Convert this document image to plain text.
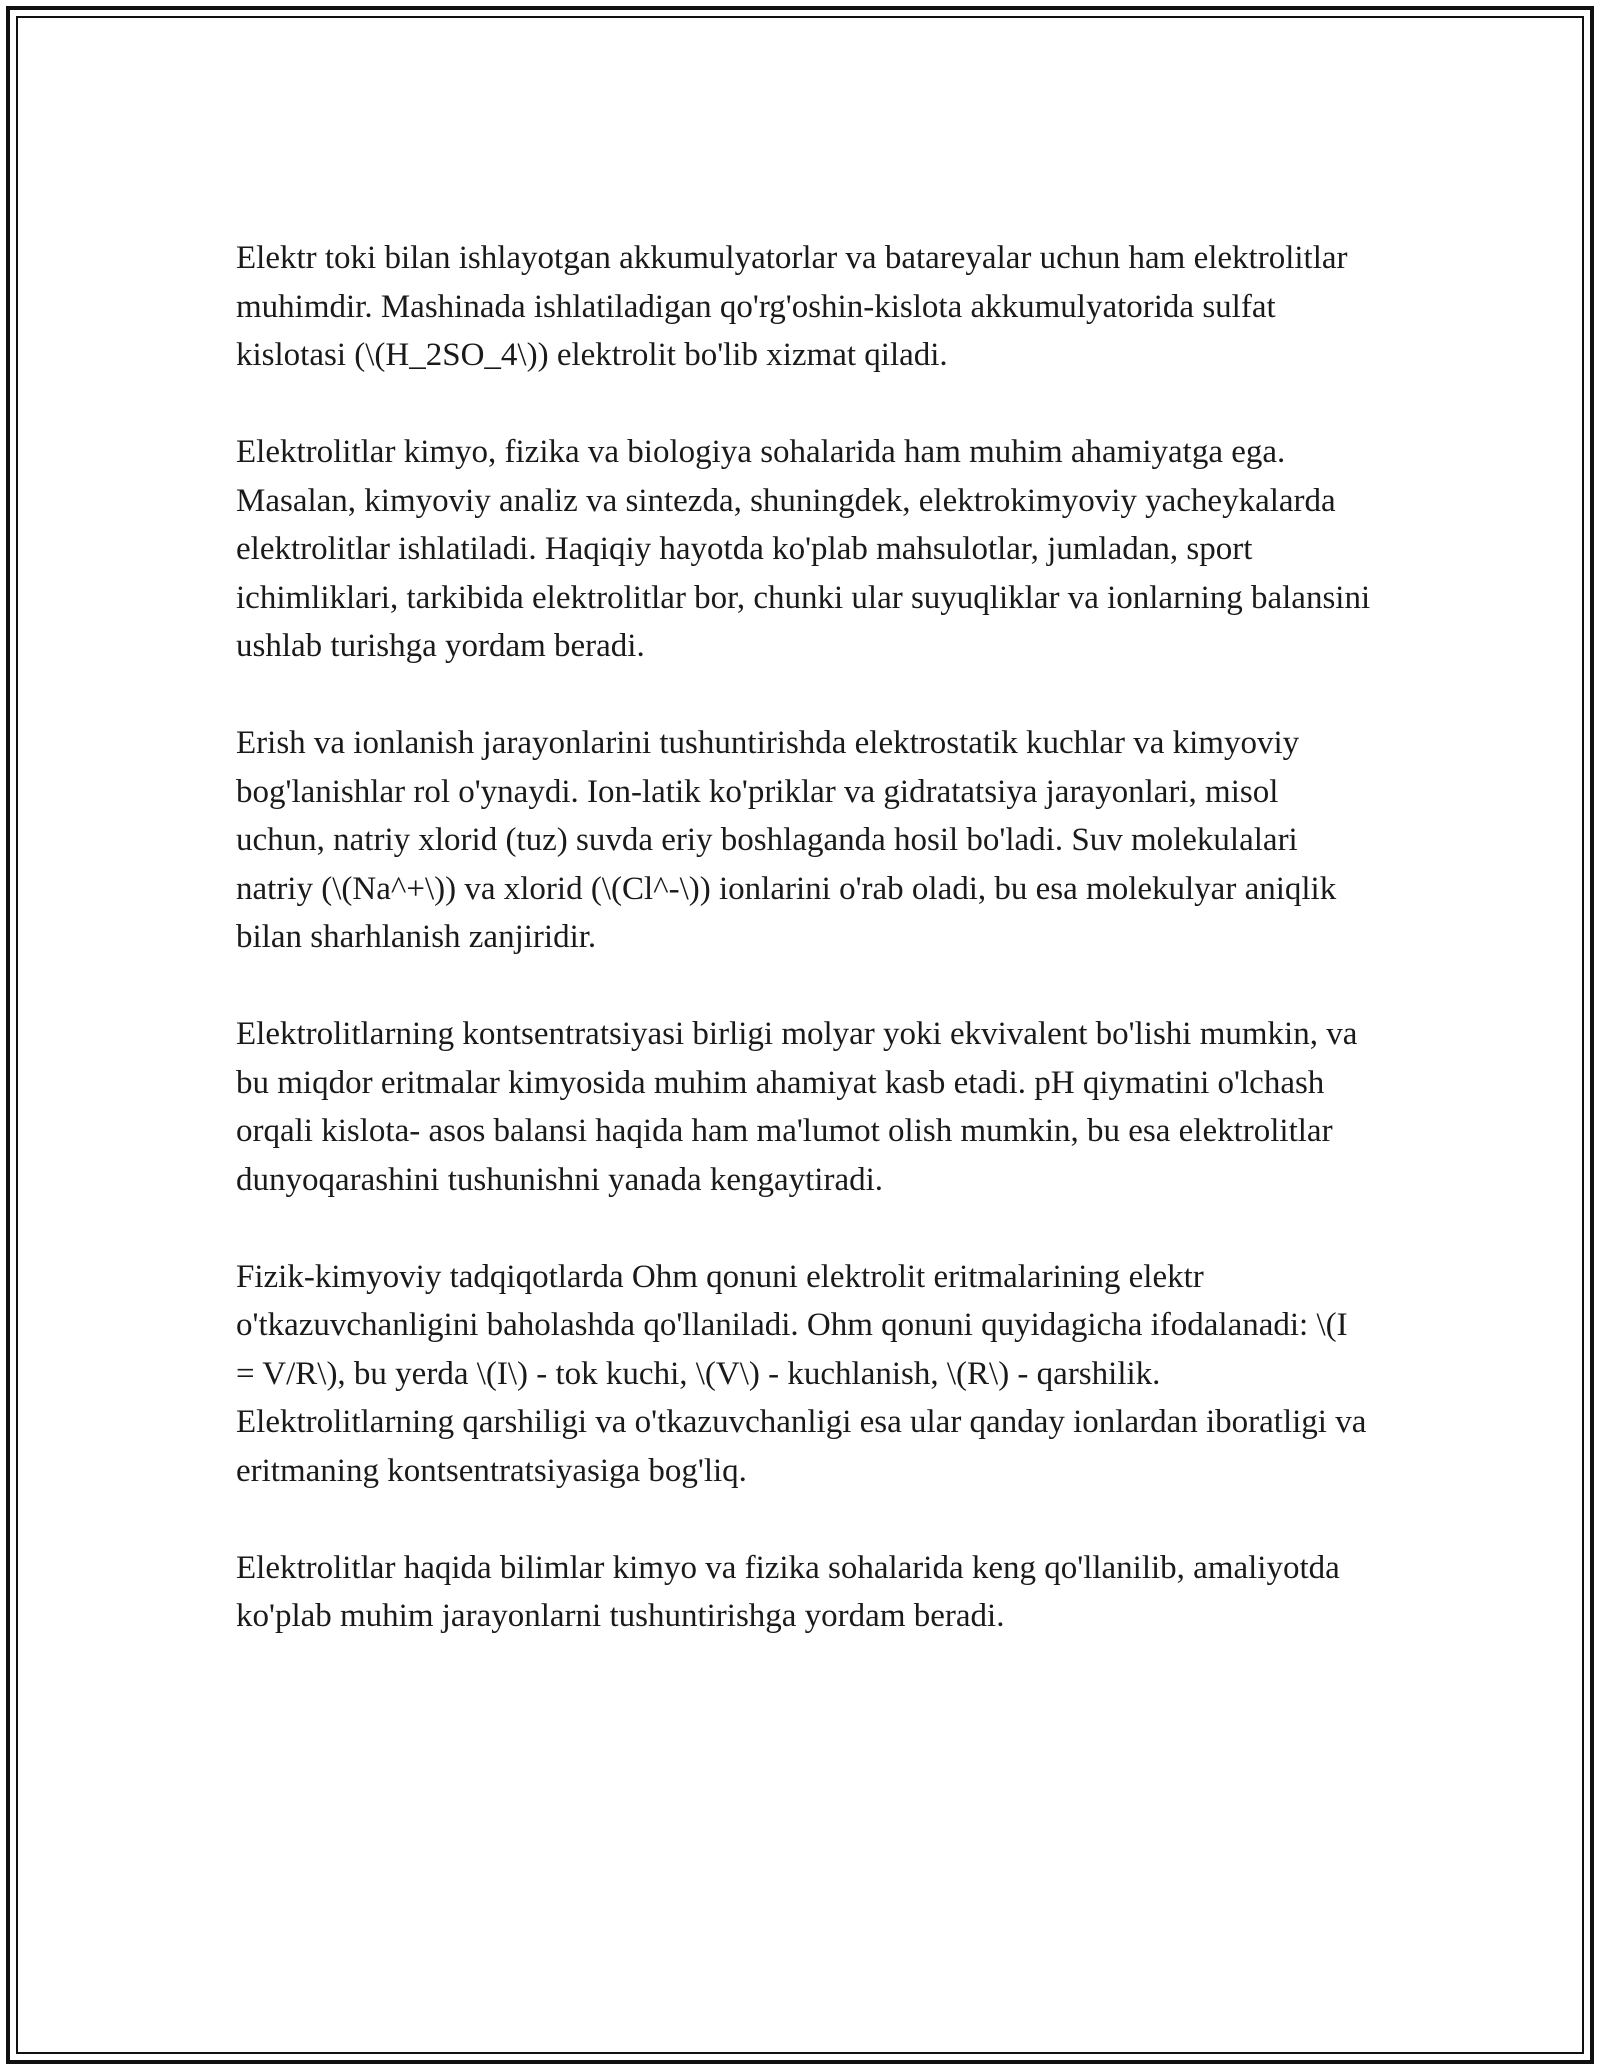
Elektr toki bilan ishlayotgan akkumulyatorlar va batareyalar uchun ham elektrolitlar muhimdir. Mashinada ishlatiladigan qo'rg'oshin-kislota akkumulyatorida sulfat kislotasi (\(H_2SO_4\)) elektrolit bo'lib xizmat qiladi.

Elektrolitlar kimyo, fizika va biologiya sohalarida ham muhim ahamiyatga ega. Masalan, kimyoviy analiz va sintezda, shuningdek, elektrokimyoviy yacheykalarda elektrolitlar ishlatiladi. Haqiqiy hayotda ko'plab mahsulotlar, jumladan, sport ichimliklari, tarkibida elektrolitlar bor, chunki ular suyuqliklar va ionlarning balansini ushlab turishga yordam beradi.

Erish va ionlanish jarayonlarini tushuntirishda elektrostatik kuchlar va kimyoviy bog'lanishlar rol o'ynaydi. Ion-latik ko'priklar va gidratatsiya jarayonlari, misol uchun, natriy xlorid (tuz) suvda eriy boshlaganda hosil bo'ladi. Suv molekulalari natriy (\(Na^+\)) va xlorid (\(Cl^-\)) ionlarini o'rab oladi, bu esa molekulyar aniqlik bilan sharhlanish zanjiridir.

Elektrolitlarning kontsentratsiyasi birligi molyar yoki ekvivalent bo'lishi mumkin, va bu miqdor eritmalar kimyosida muhim ahamiyat kasb etadi. pH qiymatini o'lchash orqali kislota- asos balansi haqida ham ma'lumot olish mumkin, bu esa elektrolitlar dunyoqarashini tushunishni yanada kengaytiradi.

Fizik-kimyoviy tadqiqotlarda Ohm qonuni elektrolit eritmalarining elektr o'tkazuvchanligini baholashda qo'llaniladi. Ohm qonuni quyidagicha ifodalanadi: \(I = V/R\), bu yerda \(I\) - tok kuchi, \(V\) - kuchlanish, \(R\) - qarshilik. Elektrolitlarning qarshiligi va o'tkazuvchanligi esa ular qanday ionlardan iboratligi va eritmaning kontsentratsiyasiga bog'liq.

Elektrolitlar haqida bilimlar kimyo va fizika sohalarida keng qo'llanilib, amaliyotda ko'plab muhim jarayonlarni tushuntirishga yordam beradi.
